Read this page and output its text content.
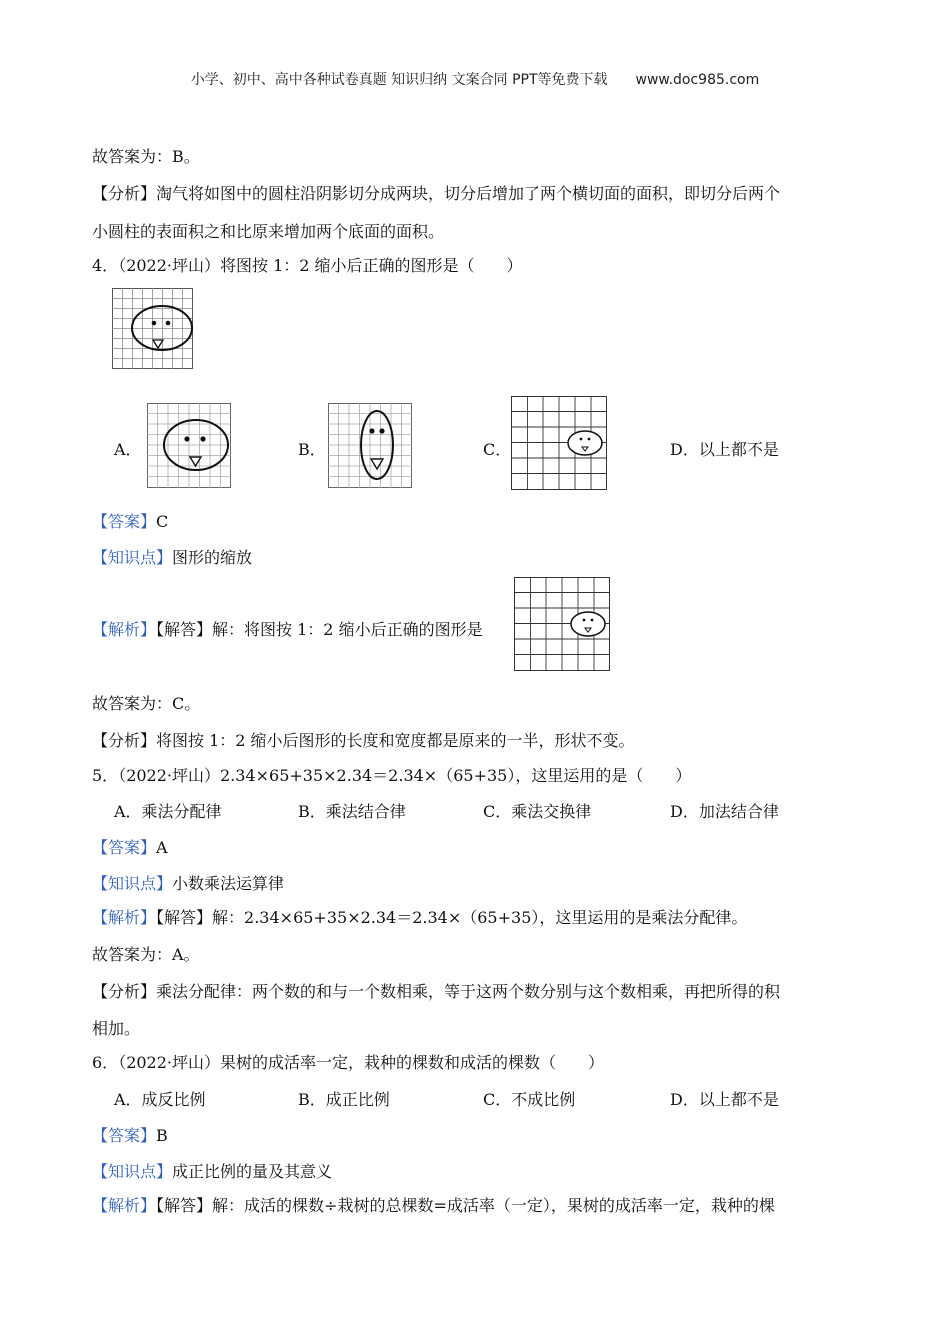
小学、初中、高中各种试卷真题 知识归纳 文案合同 PPT等免费下载 www.doc985.com
故答案为：B。
【分析】淘气将如图中的圆柱沿阴影切分成两块，切分后增加了两个横切面的面积，即切分后两个
小圆柱的表面积之和比原来增加两个底面的面积。
4．（2022·坪山）将图按 1：2 缩小后正确的图形是（　　）
A．	B．	C．	D．以上都不是
【答案】C
【知识点】图形的缩放
【解析】【解答】解：将图按 1：2 缩小后正确的图形是
故答案为：C。
【分析】将图按 1：2 缩小后图形的长度和宽度都是原来的一半，形状不变。
5．（2022·坪山）2.34×65+35×2.34＝2.34×（65+35），这里运用的是（　　）
A．乘法分配律	B．乘法结合律	C．乘法交换律	D．加法结合律
【答案】A
【知识点】小数乘法运算律
【解析】【解答】解：2.34×65+35×2.34＝2.34×（65+35），这里运用的是乘法分配律。
故答案为：A。
【分析】乘法分配律：两个数的和与一个数相乘，等于这两个数分别与这个数相乘，再把所得的积
相加。
6．（2022·坪山）果树的成活率一定，栽种的棵数和成活的棵数（　　）
A．成反比例	B．成正比例	C．不成比例	D．以上都不是
【答案】B
【知识点】成正比例的量及其意义
【解析】【解答】解：成活的棵数÷栽树的总棵数=成活率（一定），果树的成活率一定，栽种的棵
